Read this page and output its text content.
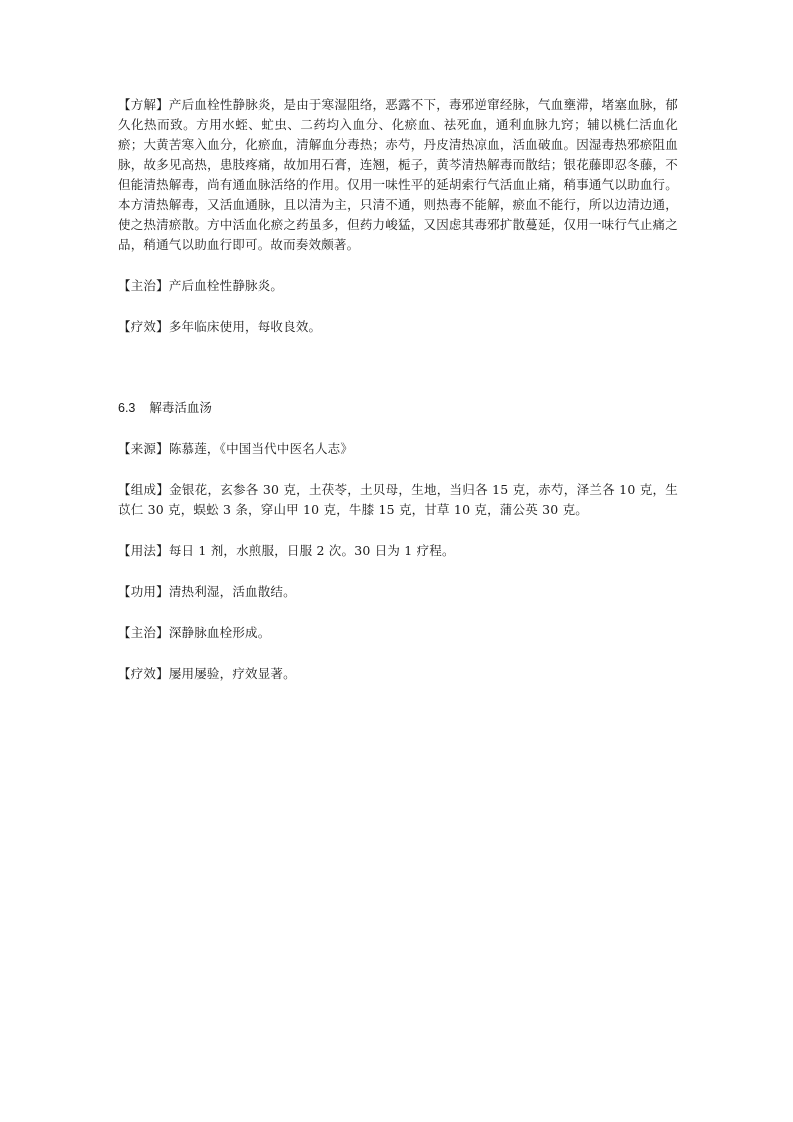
【方解】产后血栓性静脉炎，是由于寒湿阻络，恶露不下，毒邪逆窜经脉，气血壅滞，堵塞血脉，郁久化热而致。方用水蛭、虻虫、二药均入血分、化瘀血、祛死血，通利血脉九窍；辅以桃仁活血化瘀；大黄苦寒入血分，化瘀血，清解血分毒热；赤芍，丹皮清热凉血，活血破血。因湿毒热邪瘀阻血脉，故多见高热，患肢疼痛，故加用石膏，连翘，栀子，黄芩清热解毒而散结；银花藤即忍冬藤，不但能清热解毒，尚有通血脉活络的作用。仅用一味性平的延胡索行气活血止痛，稍事通气以助血行。本方清热解毒，又活血通脉，且以清为主，只清不通，则热毒不能解，瘀血不能行，所以边清边通，使之热清瘀散。方中活血化瘀之药虽多，但药力峻猛，又因虑其毒邪扩散蔓延，仅用一味行气止痛之品，稍通气以助血行即可。故而奏效颇著。

【主治】产后血栓性静脉炎。

【疗效】多年临床使用，每收良效。

6.3 解毒活血汤

【来源】陈慕莲，《中国当代中医名人志》

【组成】金银花，玄参各 30 克，土茯苓，土贝母，生地，当归各 15 克，赤芍，泽兰各 10 克，生苡仁 30 克，蜈蚣 3 条，穿山甲 10 克，牛膝 15 克，甘草 10 克，蒲公英 30 克。

【用法】每日 1 剂，水煎服，日服 2 次。30 日为 1 疗程。

【功用】清热利湿，活血散结。

【主治】深静脉血栓形成。

【疗效】屡用屡验，疗效显著。
